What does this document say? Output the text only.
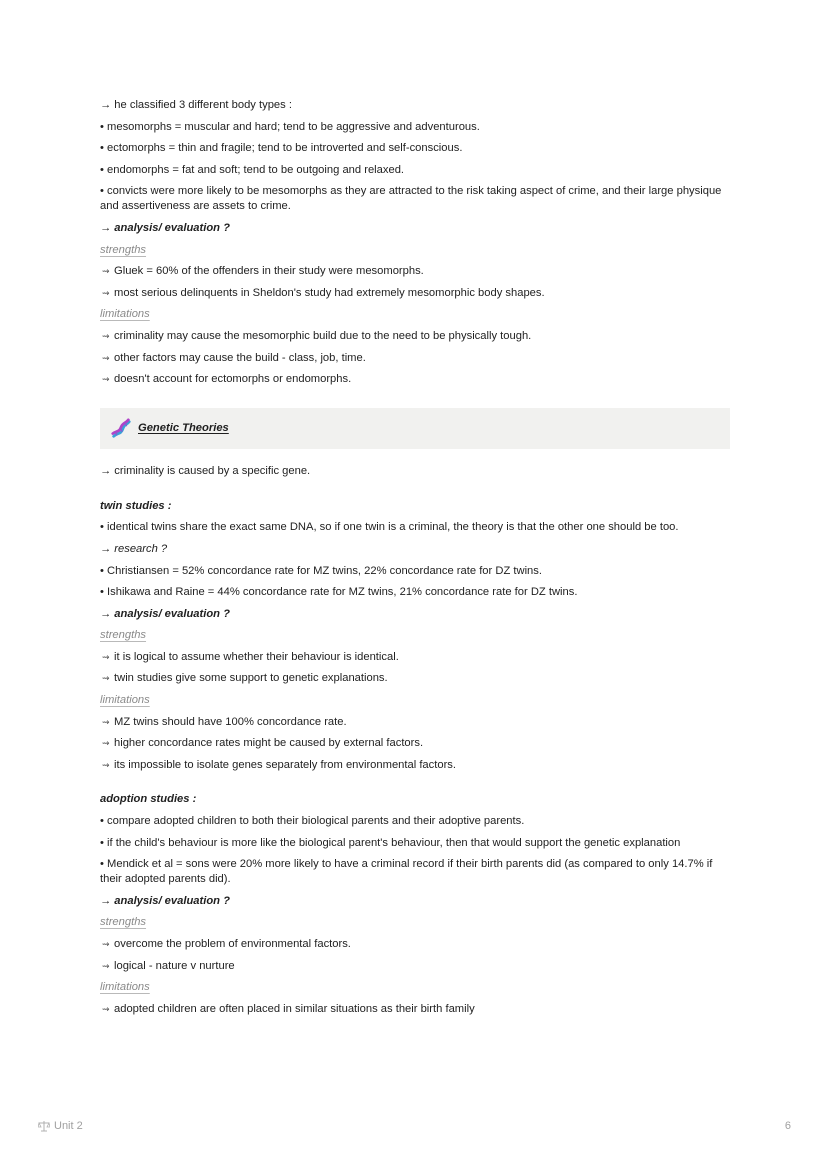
→ he classified 3 different body types :
• mesomorphs = muscular and hard; tend to be aggressive and adventurous.
• ectomorphs = thin and fragile; tend to be introverted and self-conscious.
• endomorphs = fat and soft; tend to be outgoing and relaxed.
• convicts were more likely to be mesomorphs as they are attracted to the risk taking aspect of crime, and their large physique and assertiveness are assets to crime.
→ analysis/ evaluation ?
strengths
⇝ Gluek = 60% of the offenders in their study were mesomorphs.
⇝ most serious delinquents in Sheldon's study had extremely mesomorphic body shapes.
limitations
⇝ criminality may cause the mesomorphic build due to the need to be physically tough.
⇝ other factors may cause the build - class, job, time.
⇝ doesn't account for ectomorphs or endomorphs.
Genetic Theories
→ criminality is caused by a specific gene.
twin studies :
• identical twins share the exact same DNA, so if one twin is a criminal, the theory is that the other one should be too.
→ research ?
• Christiansen = 52% concordance rate for MZ twins, 22% concordance rate for DZ twins.
• Ishikawa and Raine = 44% concordance rate for MZ twins, 21% concordance rate for DZ twins.
→ analysis/ evaluation ?
strengths
⇝ it is logical to assume whether their behaviour is identical.
⇝ twin studies give some support to genetic explanations.
limitations
⇝ MZ twins should have 100% concordance rate.
⇝ higher concordance rates might be caused by external factors.
⇝ its impossible to isolate genes separately from environmental factors.
adoption studies :
• compare adopted children to both their biological parents and their adoptive parents.
• if the child's behaviour is more like the biological parent's behaviour, then that would support the genetic explanation
• Mendick et al = sons were 20% more likely to have a criminal record if their birth parents did (as compared to only 14.7% if their adopted parents did).
→ analysis/ evaluation ?
strengths
⇝ overcome the problem of environmental factors.
⇝ logical - nature v nurture
limitations
⇝ adopted children are often placed in similar situations as their birth family
Unit 2	6
